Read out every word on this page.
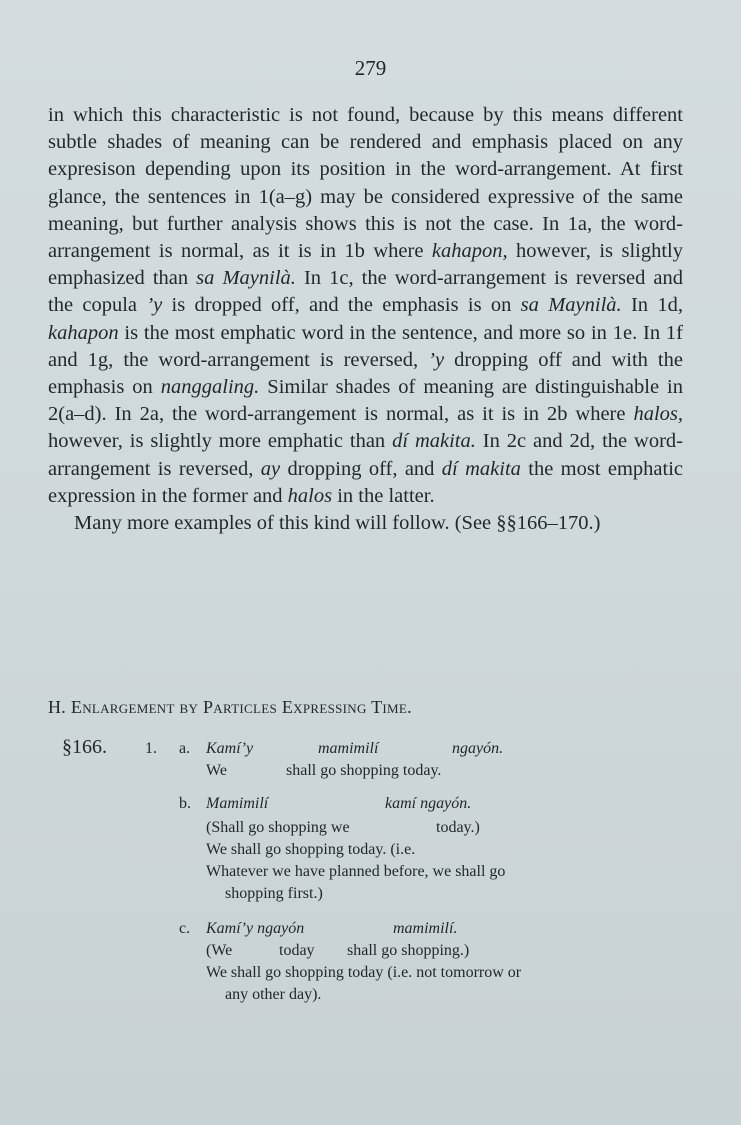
279

in which this characteristic is not found, because by this means different subtle shades of meaning can be rendered and emphasis placed on any expresison depending upon its position in the word-arrangement. At first glance, the sentences in 1(a–g) may be considered expressive of the same meaning, but further analysis shows this is not the case. In 1a, the word-arrangement is normal, as it is in 1b where kahapon, however, is slightly emphasized than sa Maynilà. In 1c, the word-arrangement is reversed and the copula ’y is dropped off, and the emphasis is on sa Maynilà. In 1d, kahapon is the most emphatic word in the sentence, and more so in 1e. In 1f and 1g, the word-arrangement is reversed, ’y dropping off and with the emphasis on nanggaling. Similar shades of meaning are distinguishable in 2(a–d). In 2a, the word-arrangement is normal, as it is in 2b where halos, however, is slightly more emphatic than dí makita. In 2c and 2d, the word-arrangement is reversed, ay dropping off, and dí makita the most emphatic expression in the former and halos in the latter.

Many more examples of this kind will follow. (See §§166–170.)

H. Enlargement by Particles Expressing Time.
§166. 1. a. Kamí’y	mamimilí	ngayón.
We	shall go shopping today.
b. Mamimilí	kamí ngayón.
(Shall go shopping we	today.)
We shall go shopping today. (i.e.
Whatever we have planned before, we shall go
shopping first.)
c. Kamí’y ngayón	mamimilí.
(We	today shall go shopping.)
We shall go shopping today (i.e. not tomorrow or
any other day).
